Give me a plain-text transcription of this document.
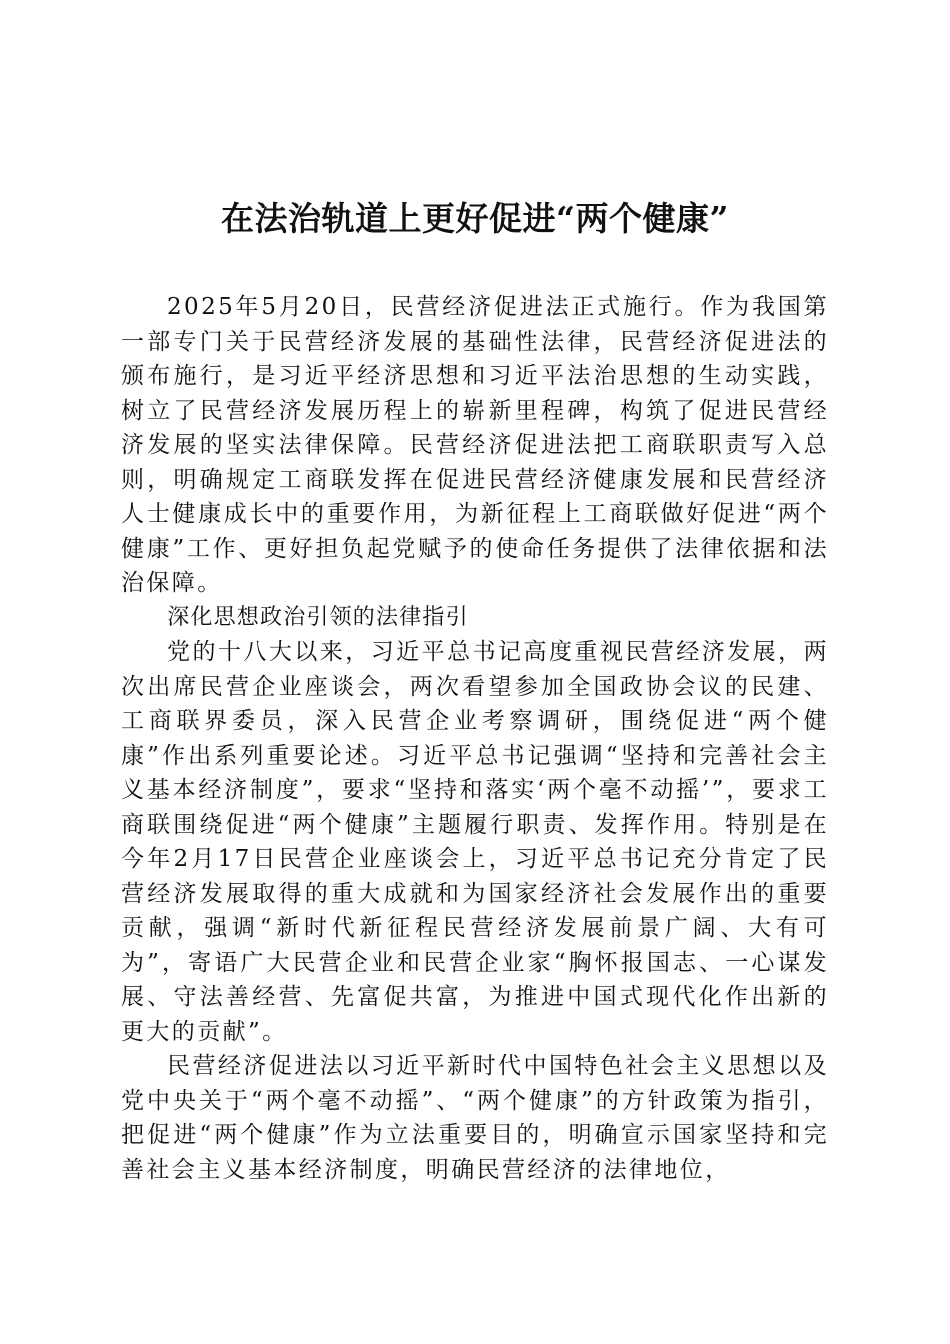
在法治轨道上更好促进“两个健康”

2025年5月20日，民营经济促进法正式施行。作为我国第一部专门关于民营经济发展的基础性法律，民营经济促进法的颁布施行，是习近平经济思想和习近平法治思想的生动实践，树立了民营经济发展历程上的崭新里程碑，构筑了促进民营经济发展的坚实法律保障。民营经济促进法把工商联职责写入总则，明确规定工商联发挥在促进民营经济健康发展和民营经济人士健康成长中的重要作用，为新征程上工商联做好促进“两个健康”工作、更好担负起党赋予的使命任务提供了法律依据和法治保障。

深化思想政治引领的法律指引

党的十八大以来，习近平总书记高度重视民营经济发展，两次出席民营企业座谈会，两次看望参加全国政协会议的民建、工商联界委员，深入民营企业考察调研，围绕促进“两个健康”作出系列重要论述。习近平总书记强调“坚持和完善社会主义基本经济制度”，要求“坚持和落实‘两个毫不动摇’”，要求工商联围绕促进“两个健康”主题履行职责、发挥作用。特别是在今年2月17日民营企业座谈会上，习近平总书记充分肯定了民营经济发展取得的重大成就和为国家经济社会发展作出的重要贡献，强调“新时代新征程民营经济发展前景广阔、大有可为”，寄语广大民营企业和民营企业家“胸怀报国志、一心谋发展、守法善经营、先富促共富，为推进中国式现代化作出新的更大的贡献”。

民营经济促进法以习近平新时代中国特色社会主义思想以及党中央关于“两个毫不动摇”、“两个健康”的方针政策为指引，把促进“两个健康”作为立法重要目的，明确宣示国家坚持和完善社会主义基本经济制度，明确民营经济的法律地位，
